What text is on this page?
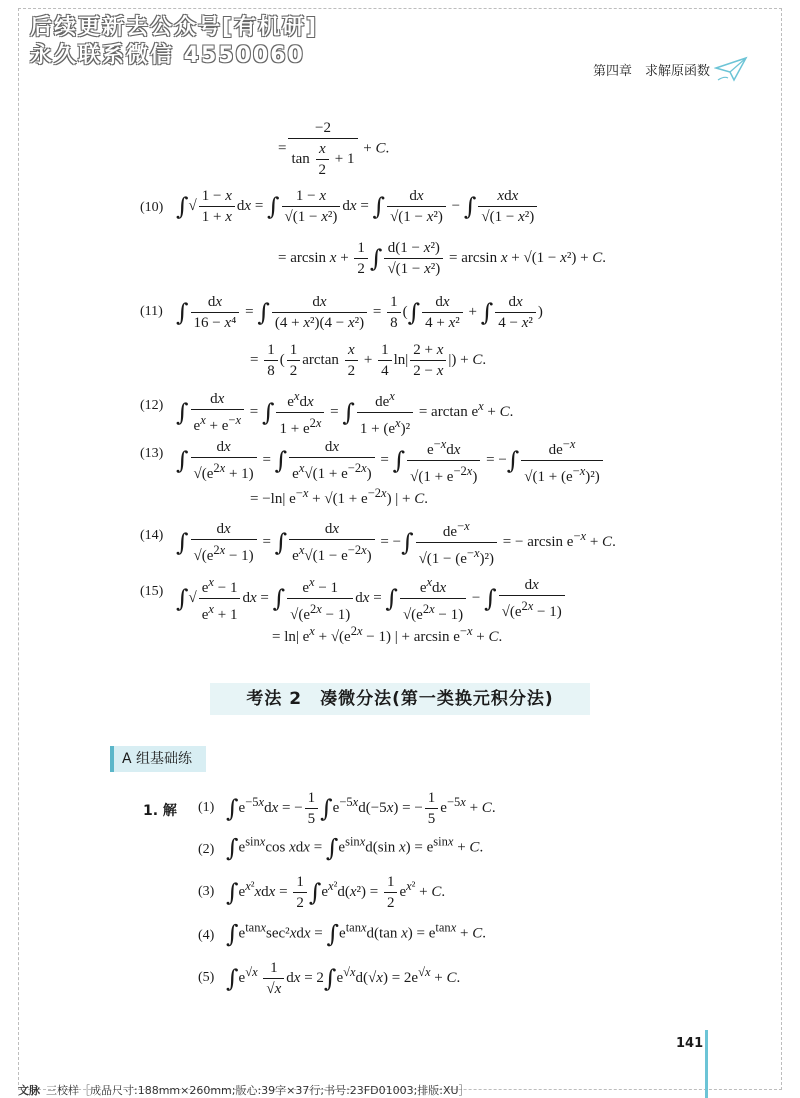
后续更新去公众号[有机研]
永久联系微信 4550060
第四章　求解原函数
= $\frac{-2}{\tan \frac{x}{2} + 1} + C$.
(10) ∫√ $\frac{1 - x}{1 + x}$ dx = ∫ $\frac{1 - x}{\text{√(1 − x²)}}$ dx = ∫ $\frac{dx}{\text{√(1 − x²)}}$ − ∫ $\frac{\text{xdx}}{\text{√(1 − x²)}}$
= $\arcsin x + \frac{1}{2}$ ∫ $\frac{\text{d(1 − x²)}}{\text{√(1 − x²)}} = \arcsin x + √(1 - x^2) + C$.
(11) ∫ $\frac{dx}{\text{16 − x⁴}}$ = ∫ $\frac{dx}{\text{(4 + x²)(4 − x²)}} = \frac{1}{8}$ (∫ $\frac{dx}{\text{4 + x²}}$ + ∫ $\frac{dx}{\text{4 − x²}}$ )
= $\frac{1}{8}$ ( $\frac{1}{2}$ $\arctan \frac{x}{2} + \frac{1}{4} \ln| \frac{2 + x}{2 - x}$ |) + C.
(12) ∫ $\frac{dx}{e^x + e^{-x}}$ = ∫ $\frac{e^xdx}{1 + e^{2x}}$ = ∫ $\frac{de^x}{1 + (e^x)^2} = \arctan e^x + C$.
(13) ∫ $\frac{dx}{√(e^{2x} + 1)}$ = ∫ $\frac{dx}{e^x√(1 + e^{-2x})}$ = ∫ $\frac{e^{-x}dx}{√(1 + e^{-2x})}$ = −∫ $\frac{de^{-x}}{√(1 + (e^{-x})^2)}$
= −ln| $e^{-x} + √(1 + e^{-2x})$ | + C.
(14) ∫ $\frac{dx}{√(e^{2x} - 1)}$ = ∫ $\frac{dx}{e^x√(1 - e^{-2x})}$ = −∫ $\frac{de^{-x}}{√(1 - (e^{-x})^2)}$ = − $\arcsin e^{-x} + C$.
(15) ∫√ $\frac{e^x - 1}{e^x + 1}$ dx = ∫ $\frac{e^x - 1}{√(e^{2x} - 1)}$ dx = ∫ $\frac{e^xdx}{√(e^{2x} - 1)}$ − ∫ $\frac{dx}{√(e^{2x} - 1)}$
= ln| $e^x + √(e^{2x} - 1)$ | + $\arcsin e^{-x} + C$.
考法 2　凑微分法(第一类换元积分法)
A 组基础练
1. 解 (1) $\int e^{-5x}dx$ = − $\frac{1}{5} \int e^{-5x}d(-5x)$ = − $\frac{1}{5} e^{-5x} + C$.
(2) $\int e^{sinx}\cos$ xdx = $\int e^{sinx}d(\sin$ $x) = e^{sinx} + C$.
(3) $\int e^{x^2}xdx = \frac{1}{2} \int e^{x^2}d(x^2) = \frac{1}{2} e^{x^2} + C$.
(4) $\int e^{tanx}\sec^2xdx = \int e^{tanx}d(\tan$ $x) = e^{tanx} + C$.
(5) $\int e^{√x} \frac{1}{√x}$ dx = $2\int e^{√x}d(√x) = 2e^{√x} + C$.
141
文脉 三校样［成品尺寸:188mm×260mm;版心:39字×37行;书号:23FD01003;排版:XU］
